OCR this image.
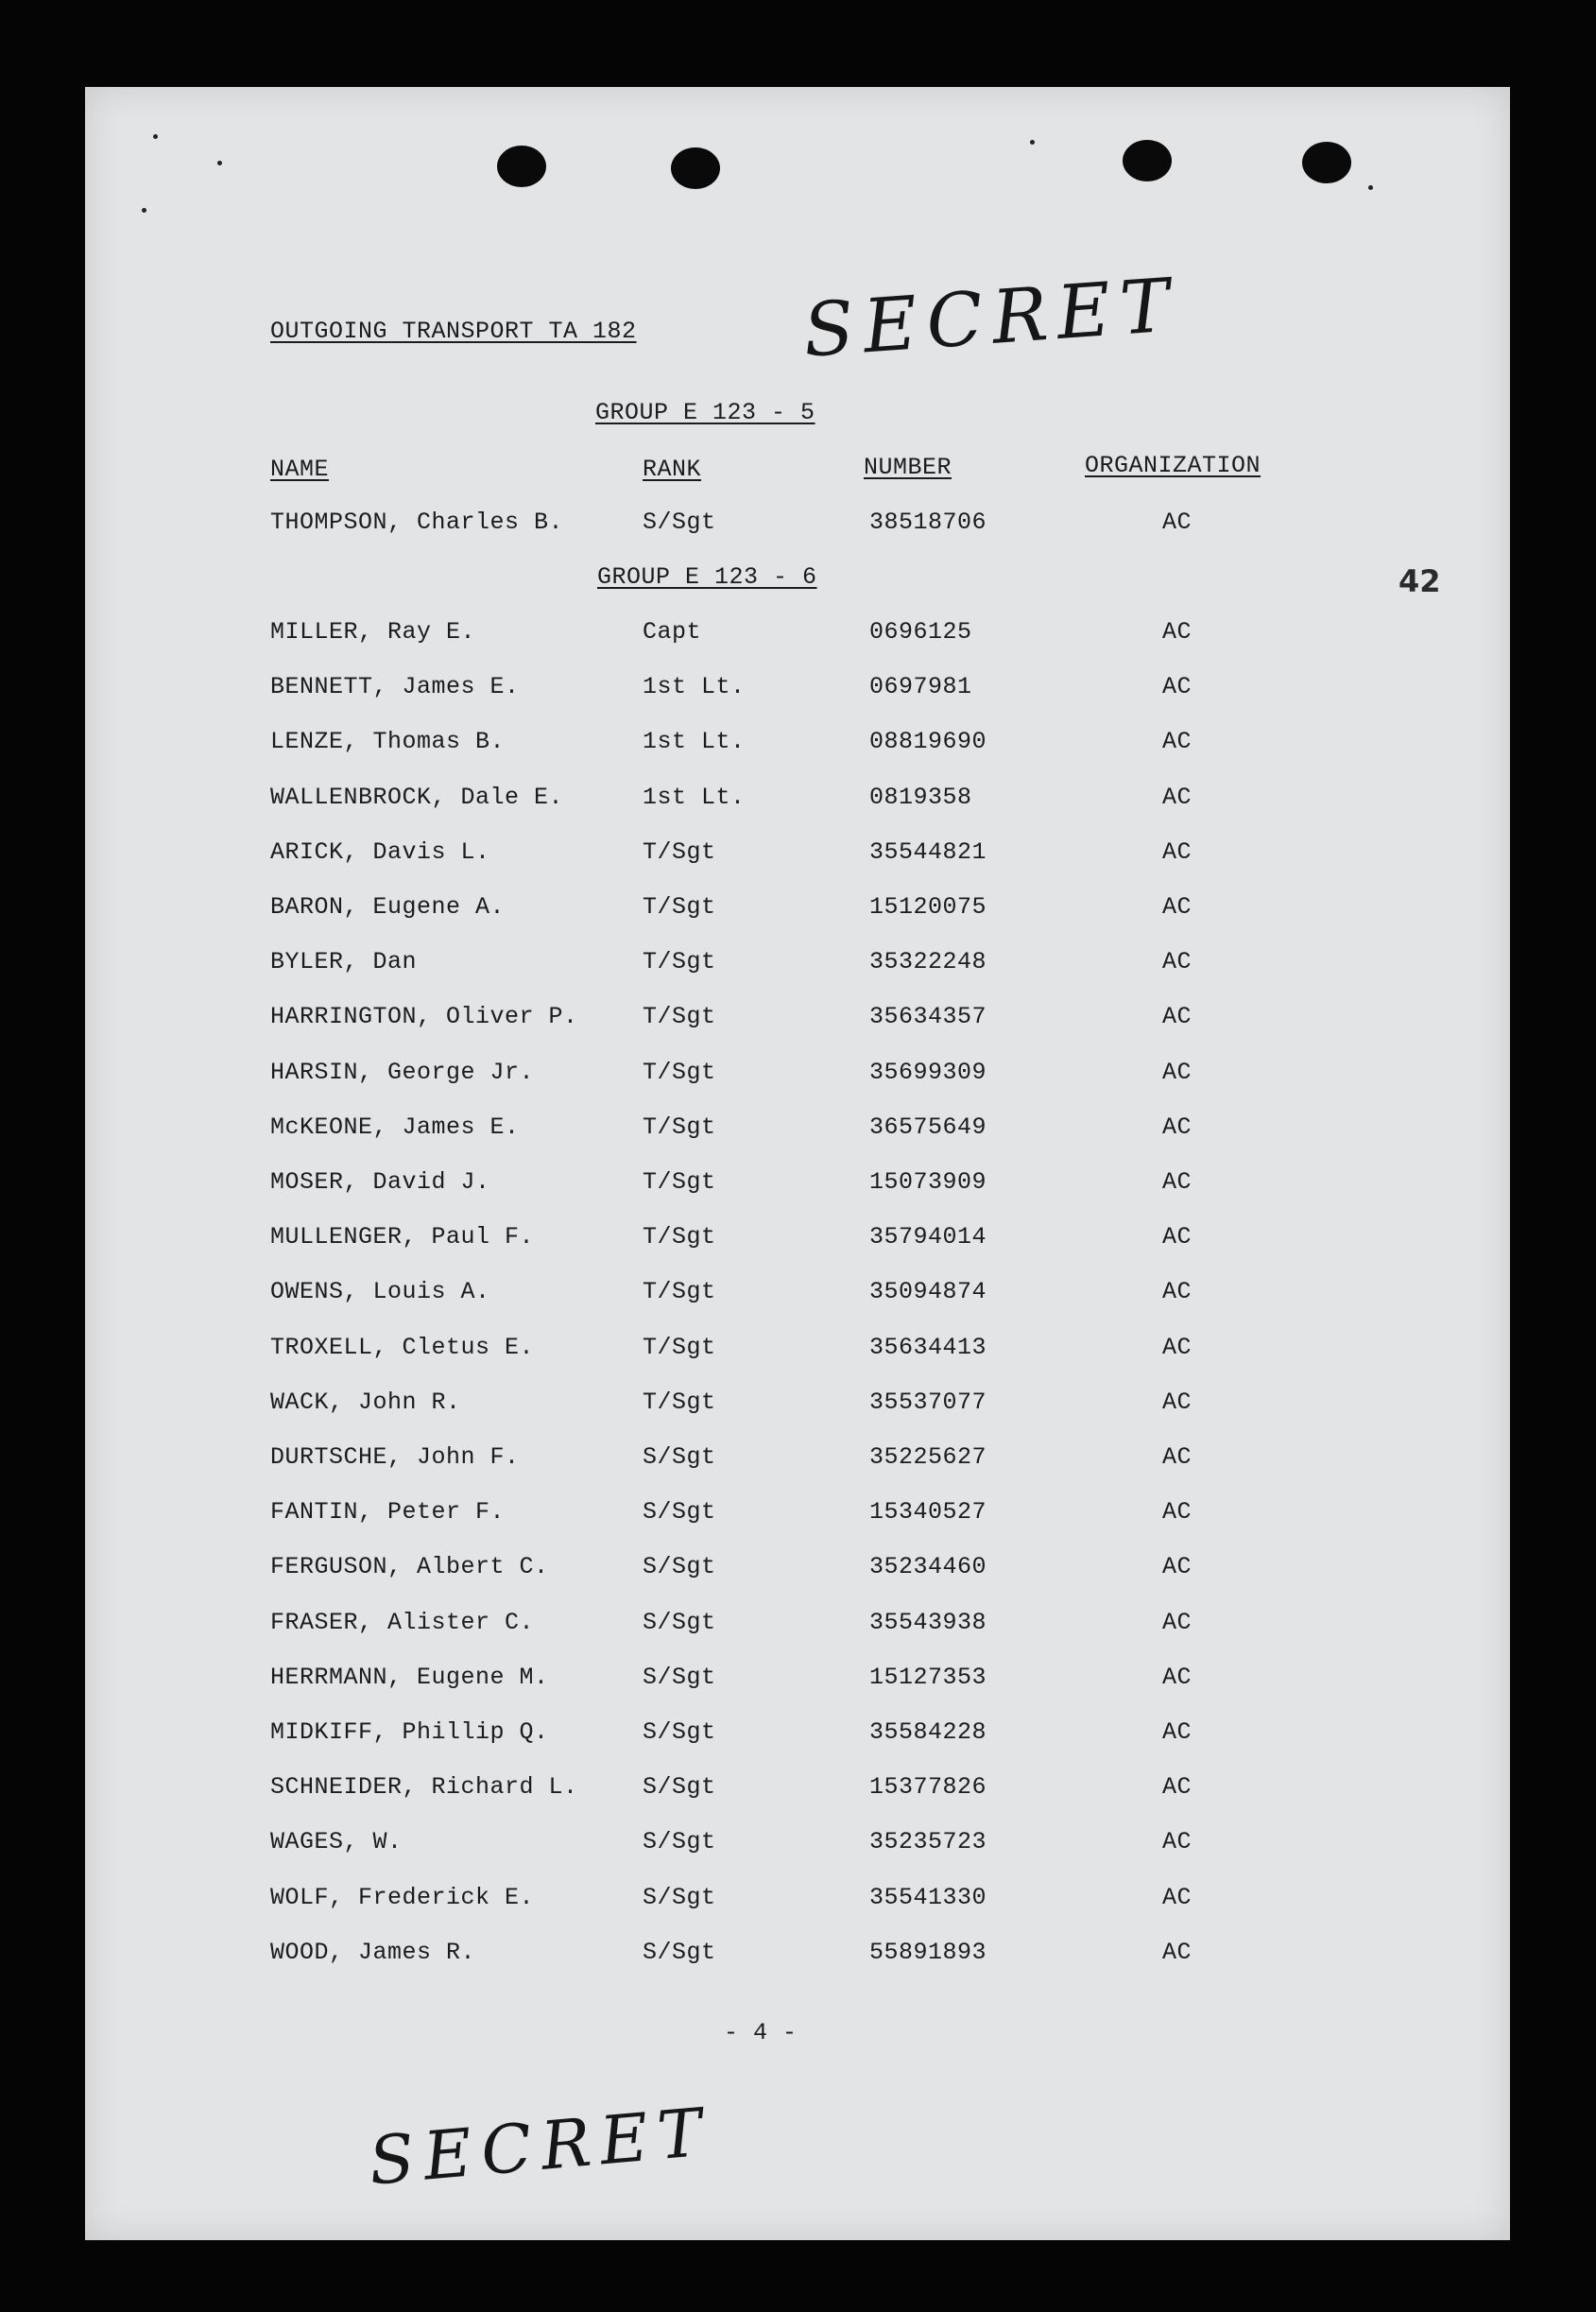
OUTGOING TRANSPORT TA 182 SECRET
42
GROUP E 123 - 5
NAME	RANK	NUMBER	ORGANIZATION
THOMPSON, Charles B.	S/Sgt	38518706	AC
GROUP E 123 - 6
MILLER, Ray E.	Capt	0696125	AC
BENNETT, James E.	1st Lt.	0697981	AC
LENZE, Thomas B.	1st Lt.	08819690	AC
WALLENBROCK, Dale E.	1st Lt.	0819358	AC
ARICK, Davis L.	T/Sgt	35544821	AC
BARON, Eugene A.	T/Sgt	15120075	AC
BYLER, Dan	T/Sgt	35322248	AC
HARRINGTON, Oliver P.	T/Sgt	35634357	AC
HARSIN, George Jr.	T/Sgt	35699309	AC
McKEONE, James E.	T/Sgt	36575649	AC
MOSER, David J.	T/Sgt	15073909	AC
MULLENGER, Paul F.	T/Sgt	35794014	AC
OWENS, Louis A.	T/Sgt	35094874	AC
TROXELL, Cletus E.	T/Sgt	35634413	AC
WACK, John R.	T/Sgt	35537077	AC
DURTSCHE, John F.	S/Sgt	35225627	AC
FANTIN, Peter F.	S/Sgt	15340527	AC
FERGUSON, Albert C.	S/Sgt	35234460	AC
FRASER, Alister C.	S/Sgt	35543938	AC
HERRMANN, Eugene M.	S/Sgt	15127353	AC
MIDKIFF, Phillip Q.	S/Sgt	35584228	AC
SCHNEIDER, Richard L.	S/Sgt	15377826	AC
WAGES, W.	S/Sgt	35235723	AC
WOLF, Frederick E.	S/Sgt	35541330	AC
WOOD, James R.	S/Sgt	55891893	AC
- 4 -
SECRET
